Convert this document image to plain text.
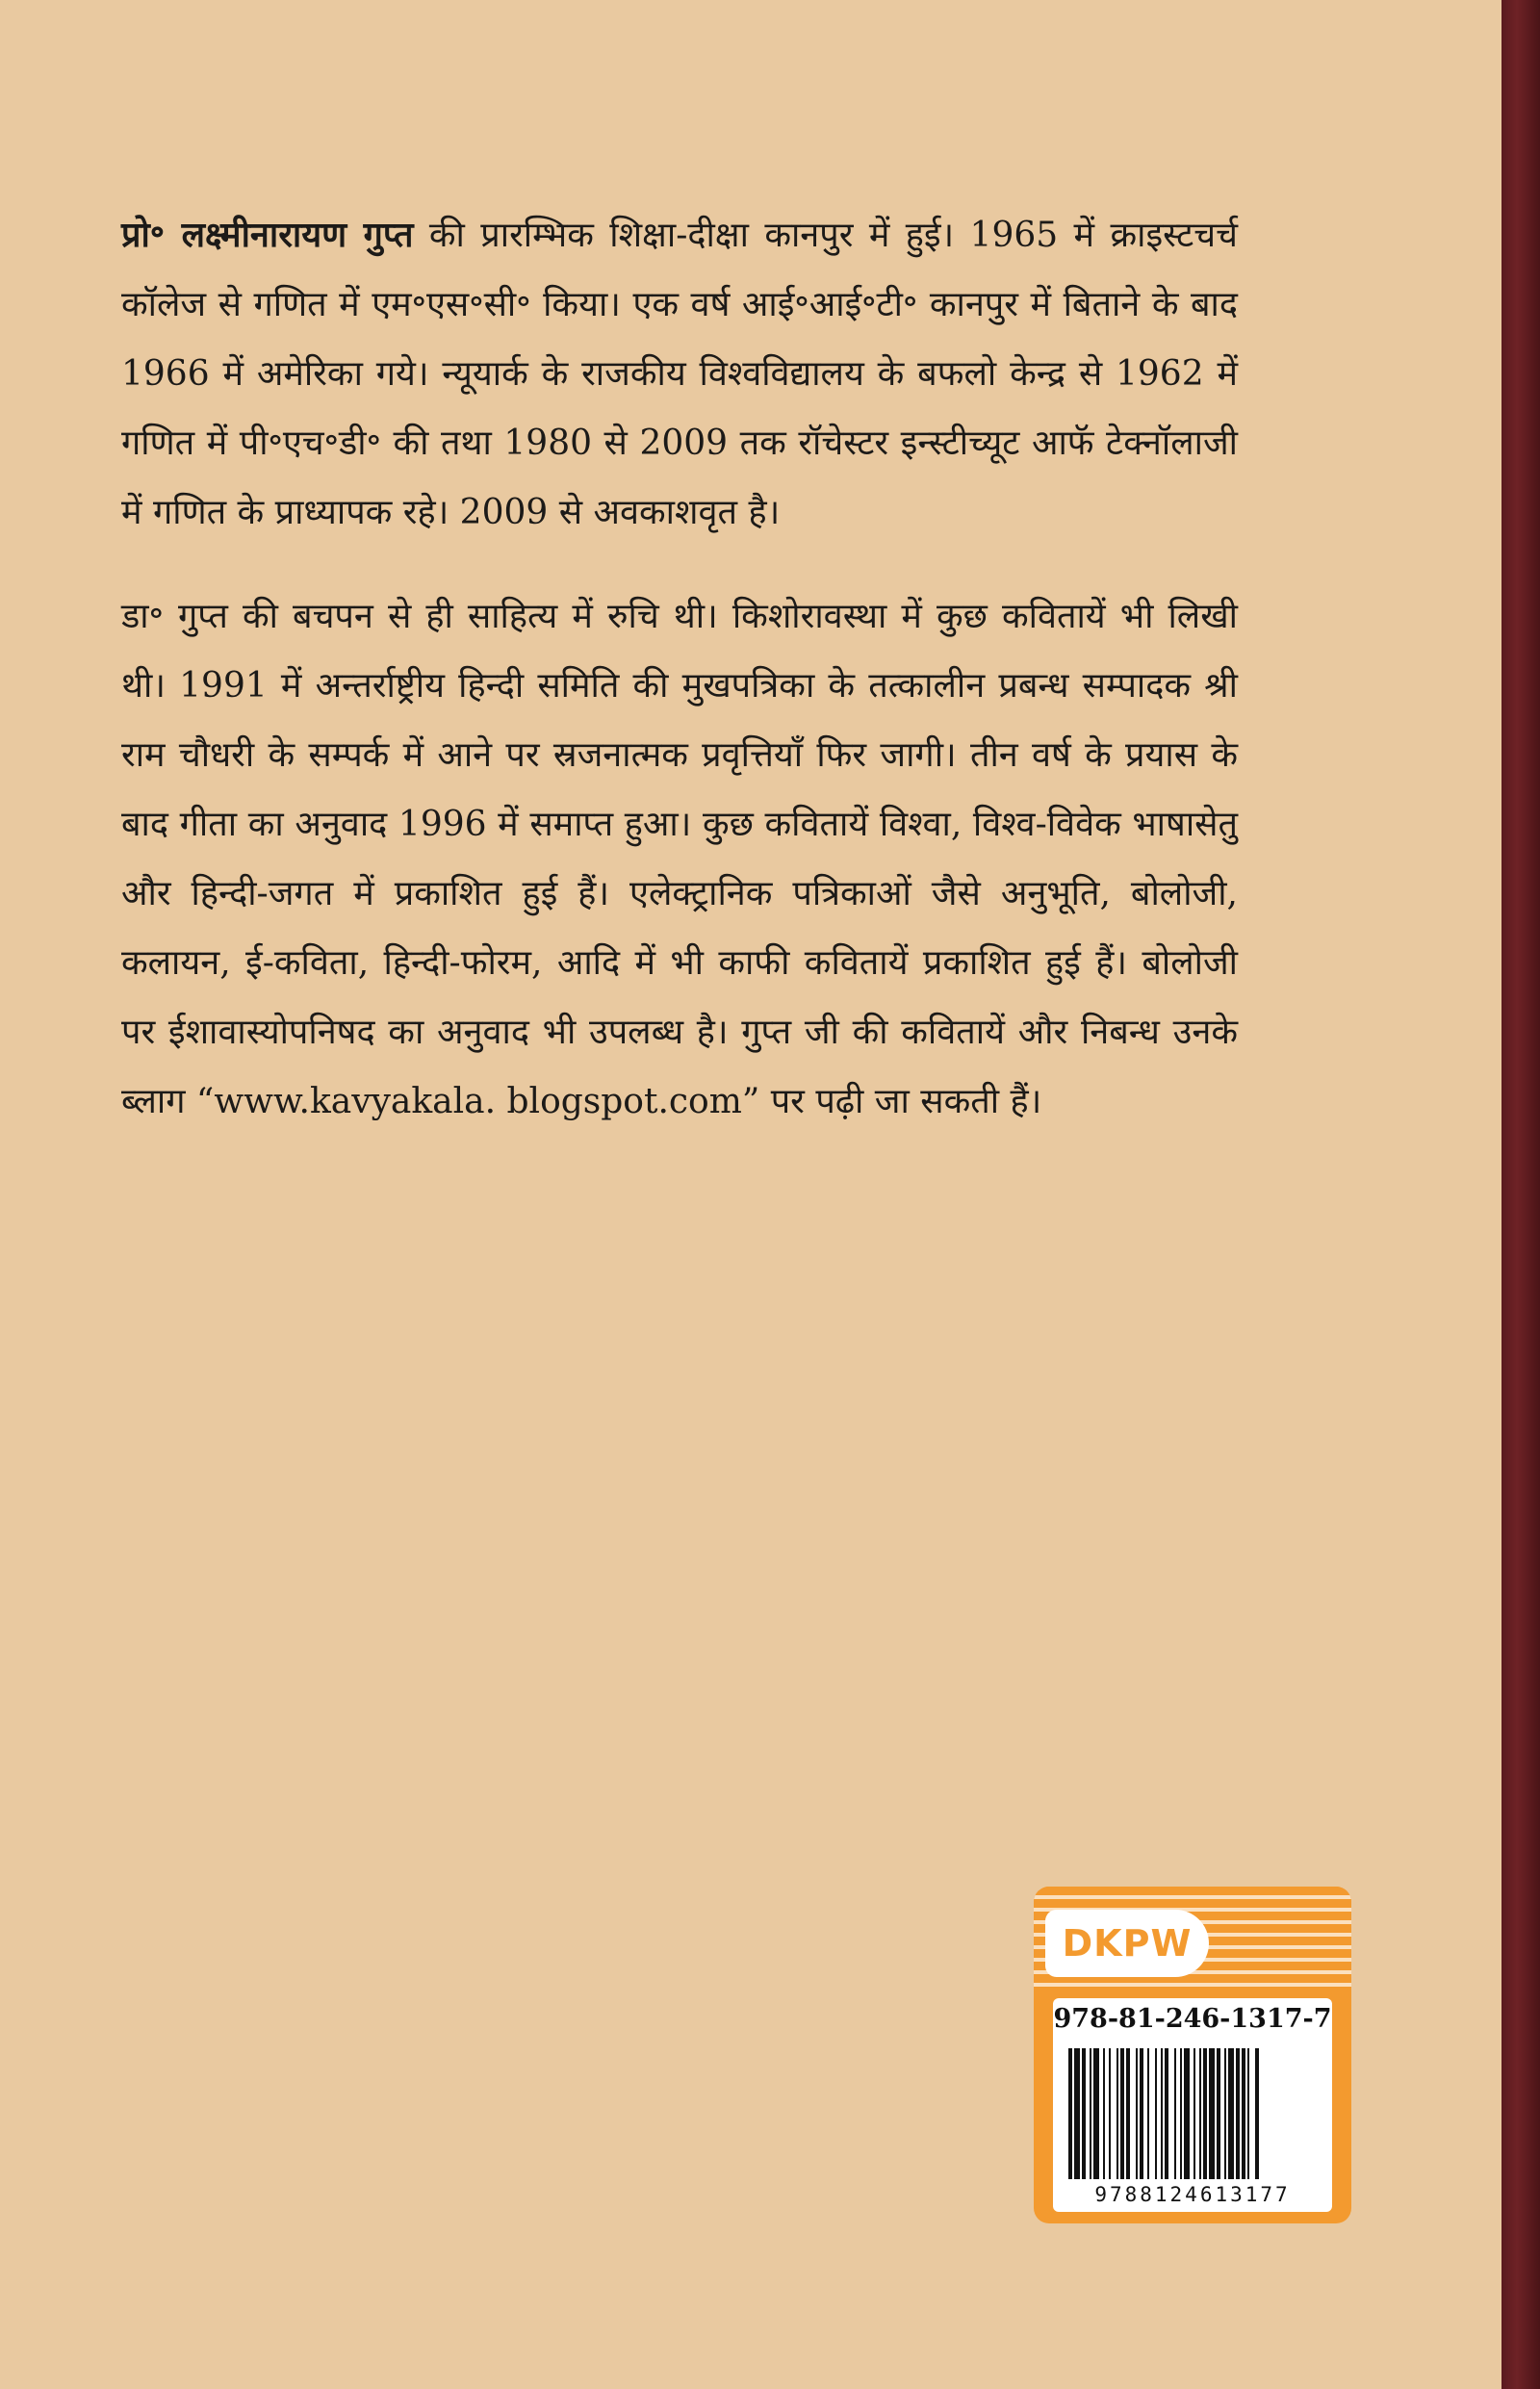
प्रो॰ लक्ष्मीनारायण गुप्त की प्रारम्भिक शिक्षा-दीक्षा कानपुर में हुई। 1965 में क्राइस्टचर्च कॉलेज से गणित में एम॰एस॰सी॰ किया। एक वर्ष आई॰आई॰टी॰ कानपुर में बिताने के बाद 1966 में अमेरिका गये। न्यूयार्क के राजकीय विश्वविद्यालय के बफलो केन्द्र से 1962 में गणित में पी॰एच॰डी॰ की तथा 1980 से 2009 तक रॉचेस्टर इन्स्टीच्यूट आफॅ टेक्नॉलाजी में गणित के प्राध्यापक रहे। 2009 से अवकाशवृत है।

डा॰ गुप्त की बचपन से ही साहित्य में रुचि थी। किशोरावस्था में कुछ कवितायें भी लिखी थी। 1991 में अन्तर्राष्ट्रीय हिन्दी समिति की मुखपत्रिका के तत्कालीन प्रबन्ध सम्पादक श्री राम चौधरी के सम्पर्क में आने पर स्रजनात्मक प्रवृत्तियाँ फिर जागी। तीन वर्ष के प्रयास के बाद गीता का अनुवाद 1996 में समाप्त हुआ। कुछ कवितायें विश्वा, विश्व-विवेक भाषासेतु और हिन्दी-जगत में प्रकाशित हुई हैं। एलेक्ट्रानिक पत्रिकाओं जैसे अनुभूति, बोलोजी, कलायन, ई-कविता, हिन्दी-फोरम, आदि में भी काफी कवितायें प्रकाशित हुई हैं। बोलोजी पर ईशावास्योपनिषद का अनुवाद भी उपलब्ध है। गुप्त जी की कवितायें और निबन्ध उनके ब्लाग “www.kavyakala. blogspot.com” पर पढ़ी जा सकती हैं।

DKPW
978-81-246-1317-7
9788124613177
